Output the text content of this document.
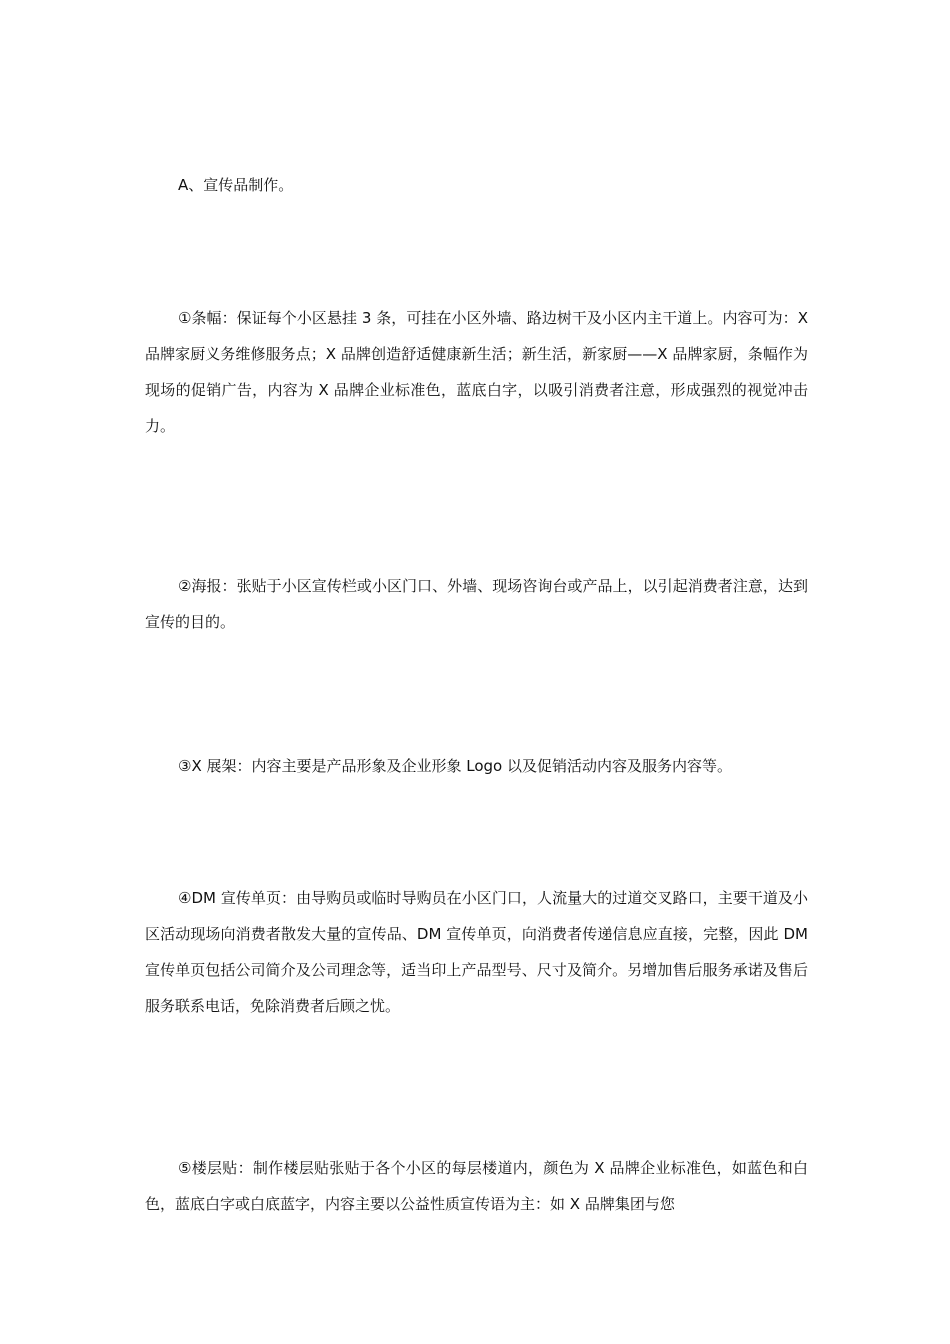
A、宣传品制作。

①条幅：保证每个小区悬挂 3 条，可挂在小区外墙、路边树干及小区内主干道上。内容可为：X 品牌家厨义务维修服务点；X 品牌创造舒适健康新生活；新生活，新家厨——X 品牌家厨，条幅作为现场的促销广告，内容为 X 品牌企业标准色，蓝底白字，以吸引消费者注意，形成强烈的视觉冲击力。

②海报：张贴于小区宣传栏或小区门口、外墙、现场咨询台或产品上，以引起消费者注意，达到宣传的目的。

③X 展架：内容主要是产品形象及企业形象 Logo 以及促销活动内容及服务内容等。

④DM 宣传单页：由导购员或临时导购员在小区门口，人流量大的过道交叉路口，主要干道及小区活动现场向消费者散发大量的宣传品、DM 宣传单页，向消费者传递信息应直接，完整，因此 DM 宣传单页包括公司简介及公司理念等，适当印上产品型号、尺寸及简介。另增加售后服务承诺及售后服务联系电话，免除消费者后顾之忧。

⑤楼层贴：制作楼层贴张贴于各个小区的每层楼道内，颜色为 X 品牌企业标准色，如蓝色和白色，蓝底白字或白底蓝字，内容主要以公益性质宣传语为主：如 X 品牌集团与您
